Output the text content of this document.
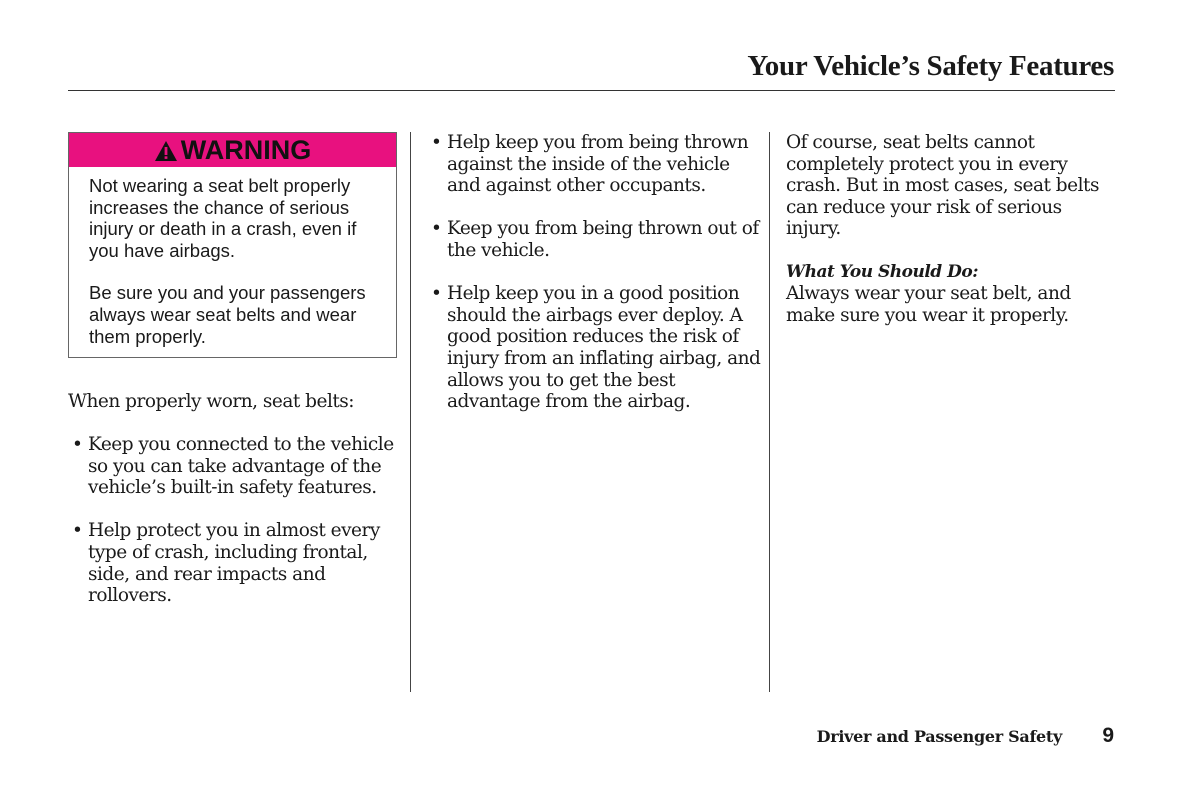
Your Vehicle’s Safety Features
WARNING

Not wearing a seat belt properly increases the chance of serious injury or death in a crash, even if you have airbags.

Be sure you and your passengers always wear seat belts and wear them properly.

When properly worn, seat belts:
• Keep you connected to the vehicle so you can take advantage of the vehicle’s built-in safety features.
• Help protect you in almost every type of crash, including frontal, side, and rear impacts and rollovers.
• Help keep you from being thrown against the inside of the vehicle and against other occupants.
• Keep you from being thrown out of the vehicle.
• Help keep you in a good position should the airbags ever deploy. A good position reduces the risk of injury from an inflating airbag, and allows you to get the best advantage from the airbag.

Of course, seat belts cannot completely protect you in every crash. But in most cases, seat belts can reduce your risk of serious injury.

What You Should Do:

Always wear your seat belt, and make sure you wear it properly.

Driver and Passenger Safety 9
